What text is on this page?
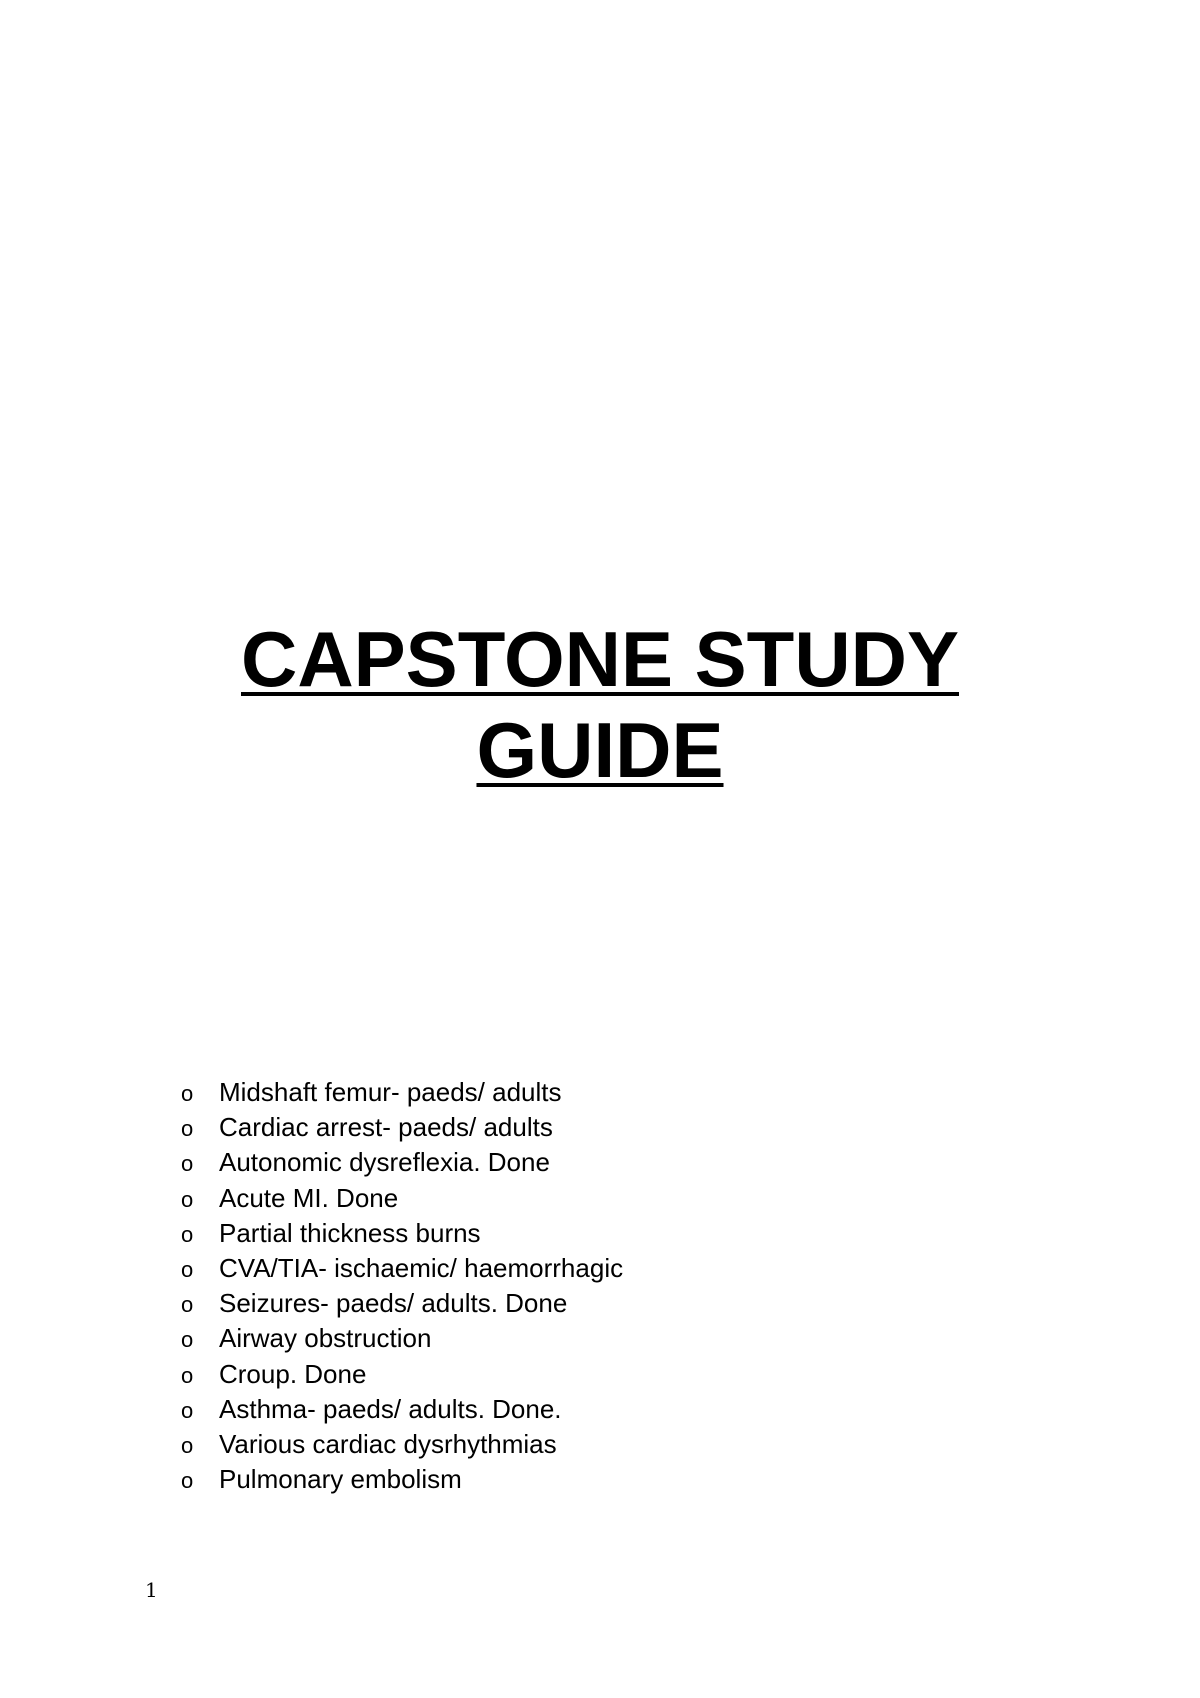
CAPSTONE STUDY
GUIDE
o Midshaft femur- paeds/ adults
o Cardiac arrest- paeds/ adults
o Autonomic dysreflexia. Done
o Acute MI. Done
o Partial thickness burns
o CVA/TIA- ischaemic/ haemorrhagic
o Seizures- paeds/ adults. Done
o Airway obstruction
o Croup. Done
o Asthma- paeds/ adults. Done.
o Various cardiac dysrhythmias
o Pulmonary embolism
1
